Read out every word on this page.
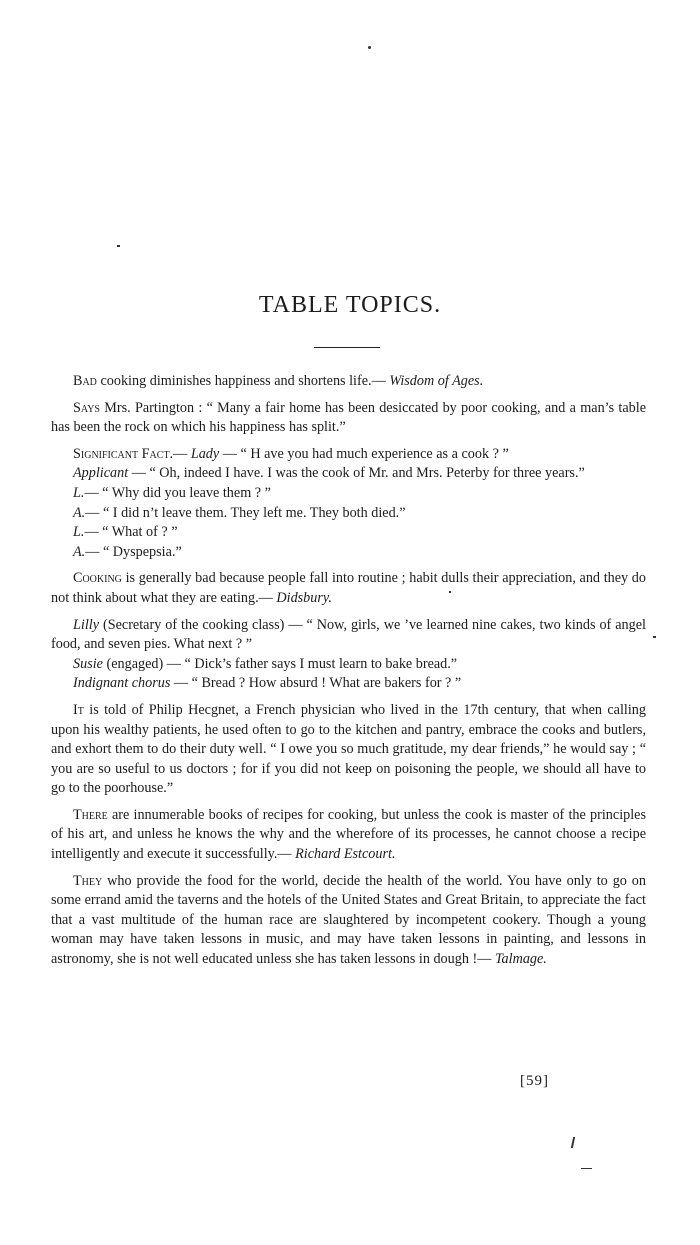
TABLE TOPICS.

Bad cooking diminishes happiness and shortens life.— Wisdom of Ages.

Says Mrs. Partington : “ Many a fair home has been desiccated by poor cooking, and a man’s table has been the rock on which his happiness has split.”

Significant Fact.— Lady — “ H ave you had much experience as a cook ? ”

Applicant — “ Oh, indeed I have. I was the cook of Mr. and Mrs. Peterby for three years.”

L.— “ Why did you leave them ? ”

A.— “ I did n’t leave them. They left me. They both died.”

L.— “ What of ? ”

A.— “ Dyspepsia.”

Cooking is generally bad because people fall into routine ; habit dulls their appreciation, and they do not think about what they are eating.— Didsbury.

Lilly (Secretary of the cooking class) — “ Now, girls, we ’ve learned nine cakes, two kinds of angel food, and seven pies. What next ? ”

Susie (engaged) — “ Dick’s father says I must learn to bake bread.”

Indignant chorus — “ Bread ? How absurd ! What are bakers for ? ”

It is told of Philip Hecgnet, a French physician who lived in the 17th century, that when calling upon his wealthy patients, he used often to go to the kitchen and pantry, embrace the cooks and butlers, and exhort them to do their duty well. “ I owe you so much gratitude, my dear friends,” he would say ; “ you are so useful to us doctors ; for if you did not keep on poisoning the people, we should all have to go to the poorhouse.”

There are innumerable books of recipes for cooking, but unless the cook is master of the principles of his art, and unless he knows the why and the wherefore of its processes, he cannot choose a recipe intelligently and execute it successfully.— Richard Estcourt.

They who provide the food for the world, decide the health of the world. You have only to go on some errand amid the taverns and the hotels of the United States and Great Britain, to appreciate the fact that a vast multitude of the human race are slaughtered by incompetent cookery. Though a young woman may have taken lessons in music, and may have taken lessons in painting, and lessons in astronomy, she is not well educated unless she has taken lessons in dough !— Talmage.

[59]
